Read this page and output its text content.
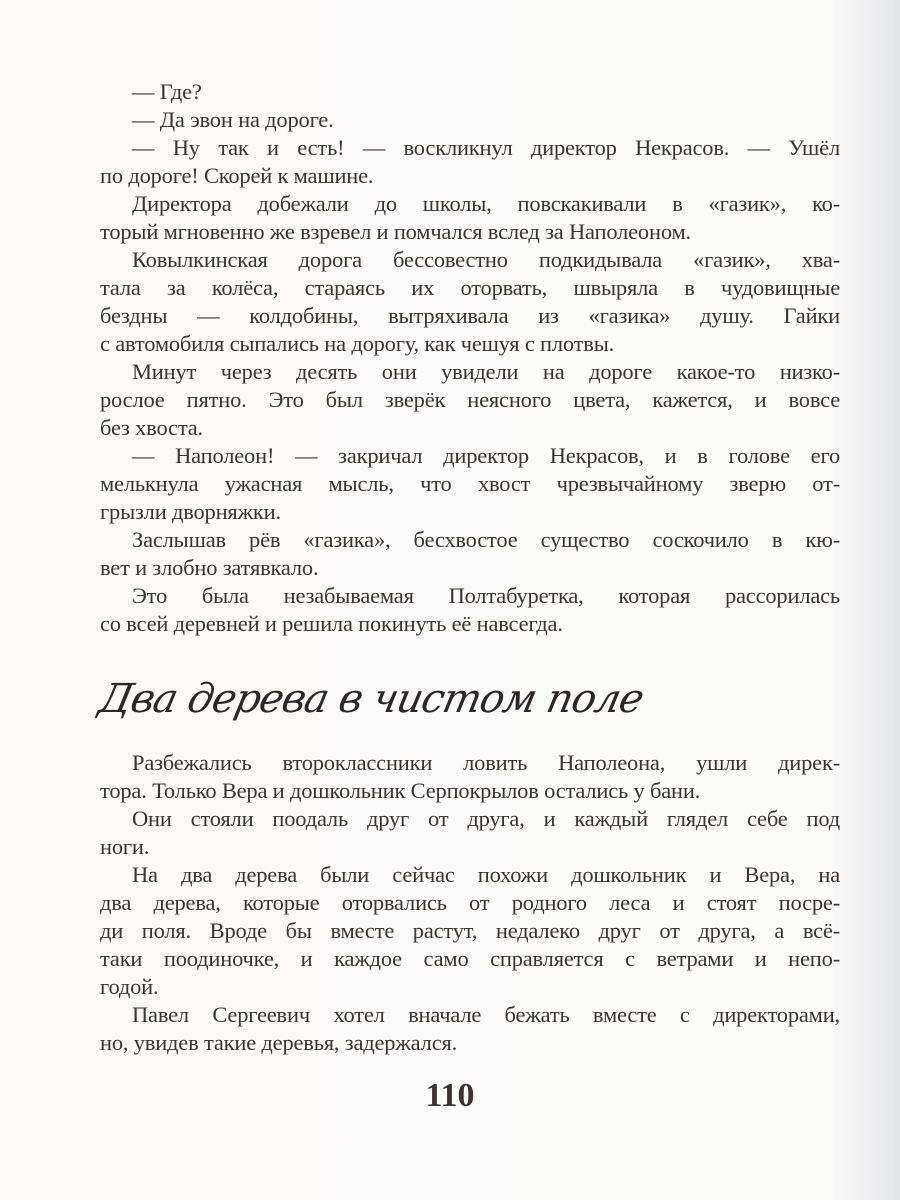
— Где?
— Да эвон на дороге.
— Ну так и есть! — воскликнул директор Некрасов. — Ушёл
по дороге! Скорей к машине.
Директора добежали до школы, повскакивали в «газик», ко-
торый мгновенно же взревел и помчался вслед за Наполеоном.
Ковылкинская дорога бессовестно подкидывала «газик», хва-
тала за колёса, стараясь их оторвать, швыряла в чудовищные
бездны — колдобины, вытряхивала из «газика» душу. Гайки
с автомобиля сыпались на дорогу, как чешуя с плотвы.
Минут через десять они увидели на дороге какое-то низко-
рослое пятно. Это был зверёк неясного цвета, кажется, и вовсе
без хвоста.
— Наполеон! — закричал директор Некрасов, и в голове его
мелькнула ужасная мысль, что хвост чрезвычайному зверю от-
грызли дворняжки.
Заслышав рёв «газика», бесхвостое существо соскочило в кю-
вет и злобно затявкало.
Это была незабываемая Полтабуретка, которая рассорилась
со всей деревней и решила покинуть её навсегда.
Два дерева в чистом поле
Разбежались второклассники ловить Наполеона, ушли дирек-
тора. Только Вера и дошкольник Серпокрылов остались у бани.
Они стояли поодаль друг от друга, и каждый глядел себе под
ноги.
На два дерева были сейчас похожи дошкольник и Вера, на
два дерева, которые оторвались от родного леса и стоят посре-
ди поля. Вроде бы вместе растут, недалеко друг от друга, а всё-
таки поодиночке, и каждое само справляется с ветрами и непо-
годой.
Павел Сергеевич хотел вначале бежать вместе с директорами,
но, увидев такие деревья, задержался.
110
